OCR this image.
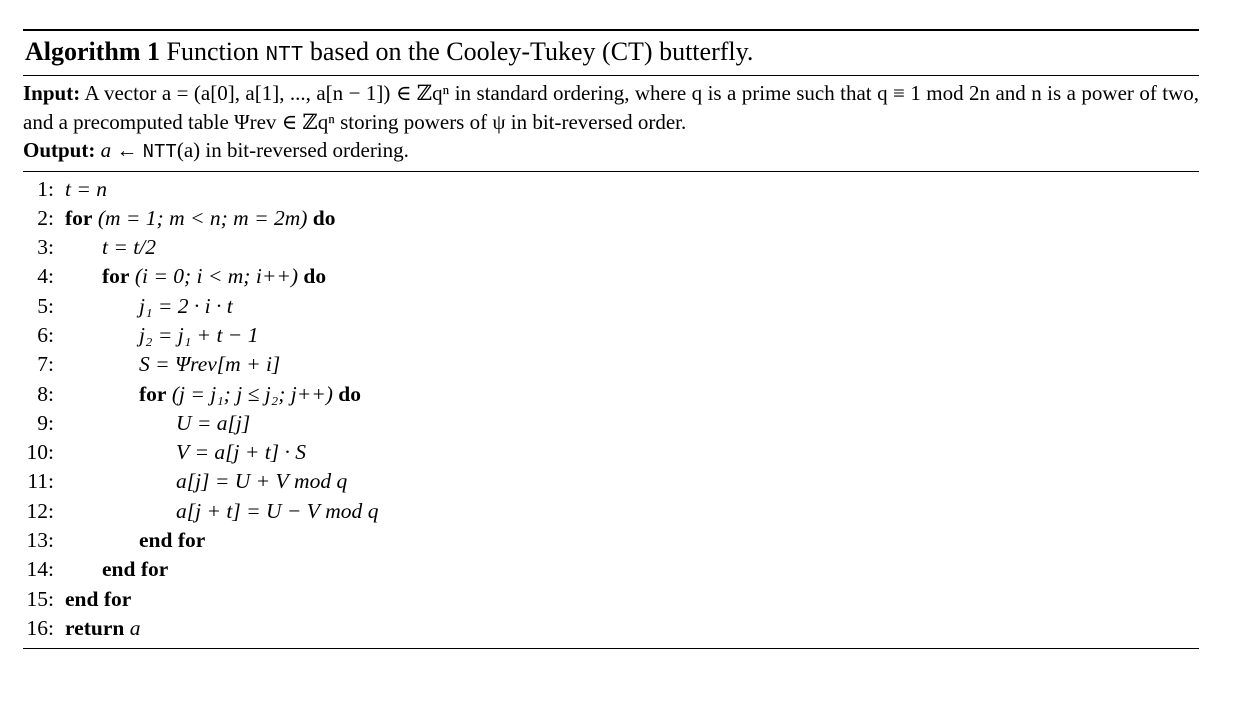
Algorithm 1 Function NTT based on the Cooley-Tukey (CT) butterfly.
Input: A vector a = (a[0], a[1], ..., a[n − 1]) ∈ ℤqⁿ in standard ordering, where q is a prime such that q ≡ 1 mod 2n and n is a power of two, and a precomputed table Ψrev ∈ ℤqⁿ storing powers of ψ in bit-reversed order.
Output: a ← NTT(a) in bit-reversed ordering.
1: t = n
2: for (m = 1; m < n; m = 2m) do
3: t = t/2
4: for (i = 0; i < m; i++) do
5:	j₁ = 2 · i · t
6:	j₂ = j₁ + t − 1
7:	S = Ψrev[m + i]
8:	for (j = j₁; j ≤ j₂; j++) do
9:	U = a[j]
10:	V = a[j + t] · S
11:	a[j] = U + V mod q
12:	a[j + t] = U − V mod q
13:	end for
14: end for
15: end for
16: return a
